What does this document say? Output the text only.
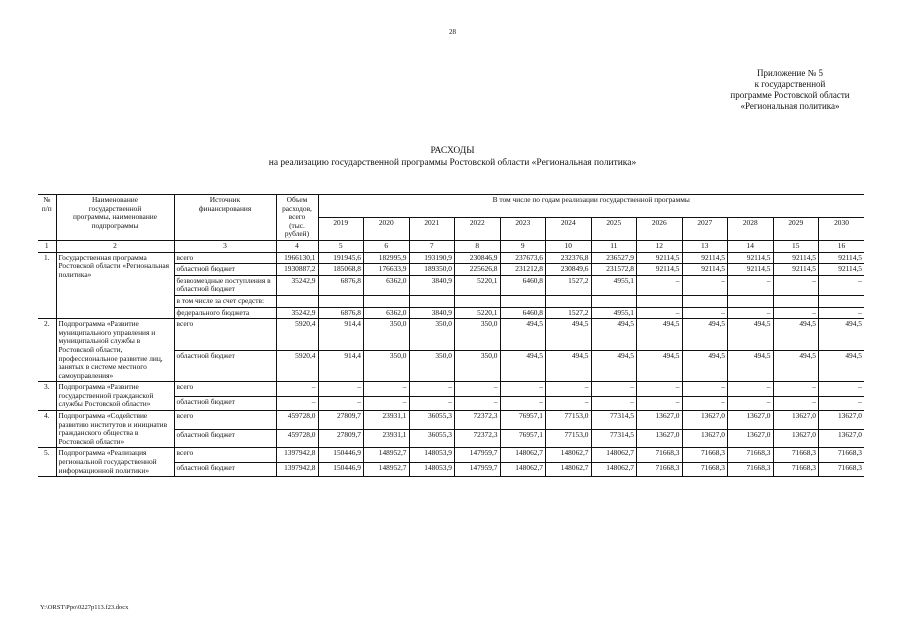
28
Приложение № 5
к государственной
программе Ростовской области
«Региональная политика»
РАСХОДЫ
на реализацию государственной программы Ростовской области «Региональная политика»
№
п/п	Наименование
государственной
программы, наименование
подпрограммы	Источник
финансирования	Объем
расходов,
всего
(тыс.
рублей)	В том числе по годам реализации государственной программы											
				2019	2020	2021	2022	2023	2024	2025	2026	2027	2028	2029	2030
1	2	3	4	5	6	7	8	9	10	11	12	13	14	15	16
1.	Государственная программа Ростовской области «Региональная политика»	всего	1966130,1	191945,6	182995,9	193190,9	230846,9	237673,6	232376,8	236527,9	92114,5	92114,5	92114,5	92114,5	92114,5
		областной бюджет	1930887,2	185068,8	176633,9	189350,0	225626,8	231212,8	230849,6	231572,8	92114,5	92114,5	92114,5	92114,5	92114,5
		безвозмездные поступления в областной бюджет	35242,9	6876,8	6362,0	3840,9	5220,1	6460,8	1527,2	4955,1	–	–	–	–	–
		в том числе за счет средств:													
		федерального бюджета	35242,9	6876,8	6362,0	3840,9	5220,1	6460,8	1527,2	4955,1	–	–	–	–	–
2.	Подпрограмма «Развитие муниципального управления и муниципальной службы в Ростовской области, профессиональное развитие лиц, занятых в системе местного самоуправления»	всего	5920,4	914,4	350,0	350,0	350,0	494,5	494,5	494,5	494,5	494,5	494,5	494,5	494,5
		областной бюджет	5920,4	914,4	350,0	350,0	350,0	494,5	494,5	494,5	494,5	494,5	494,5	494,5	494,5
3.	Подпрограмма «Развитие государственной гражданской службы Ростовской области»	всего	–	–	–	–	–	–	–	–	–	–	–	–	–
		областной бюджет	–	–	–	–	–	–	–	–	–	–	–	–	–
4.	Подпрограмма «Содействие развитию институтов и инициатив гражданского общества в Ростовской области»	всего	459728,0	27809,7	23931,1	36055,3	72372,3	76957,1	77153,0	77314,5	13627,0	13627,0	13627,0	13627,0	13627,0
		областной бюджет	459728,0	27809,7	23931,1	36055,3	72372,3	76957,1	77153,0	77314,5	13627,0	13627,0	13627,0	13627,0	13627,0
5.	Подпрограмма «Реализация региональной государственной информационной политики»	всего	1397942,8	150446,9	148952,7	148053,9	147959,7	148062,7	148062,7	148062,7	71668,3	71668,3	71668,3	71668,3	71668,3
		областной бюджет	1397942,8	150446,9	148952,7	148053,9	147959,7	148062,7	148062,7	148062,7	71668,3	71668,3	71668,3	71668,3	71668,3
Y:\ORST\Ppo\0227p113.f23.docx
